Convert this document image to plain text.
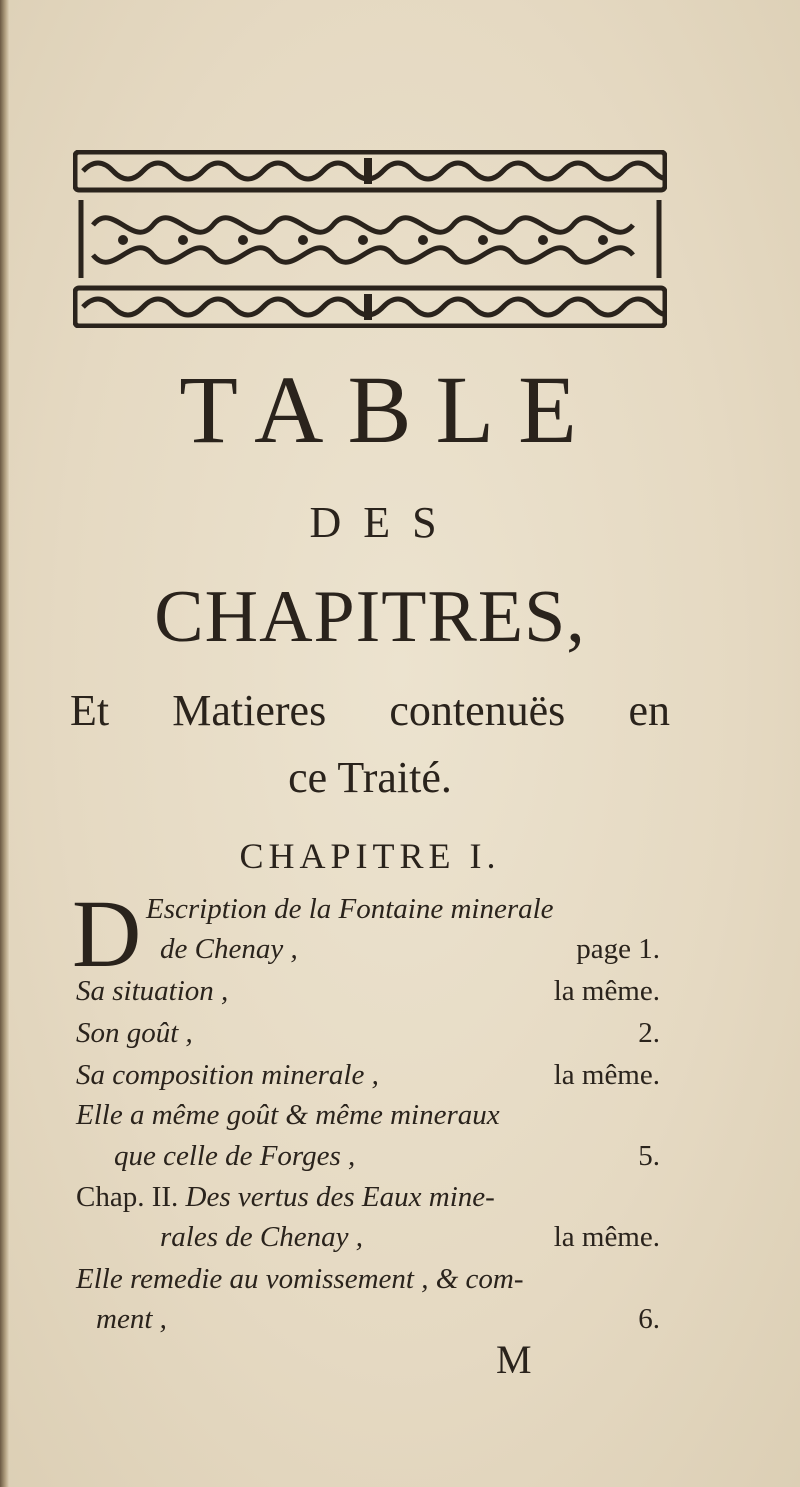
TABLE
DES
CHAPITRES,
Et Matieres contenuës en
ce Traité.
CHAPITRE I.
D Escription de la Fontaine minerale
de Chenay ,	page 1.
Sa situation ,	la même.
Son goût ,	2.
Sa composition minerale ,	la même.
Elle a même goût & même mineraux
que celle de Forges ,	5.
Chap. II. Des vertus des Eaux mine-
rales de Chenay ,	la même.
Elle remedie au vomissement , & com-
ment ,	6.
M
